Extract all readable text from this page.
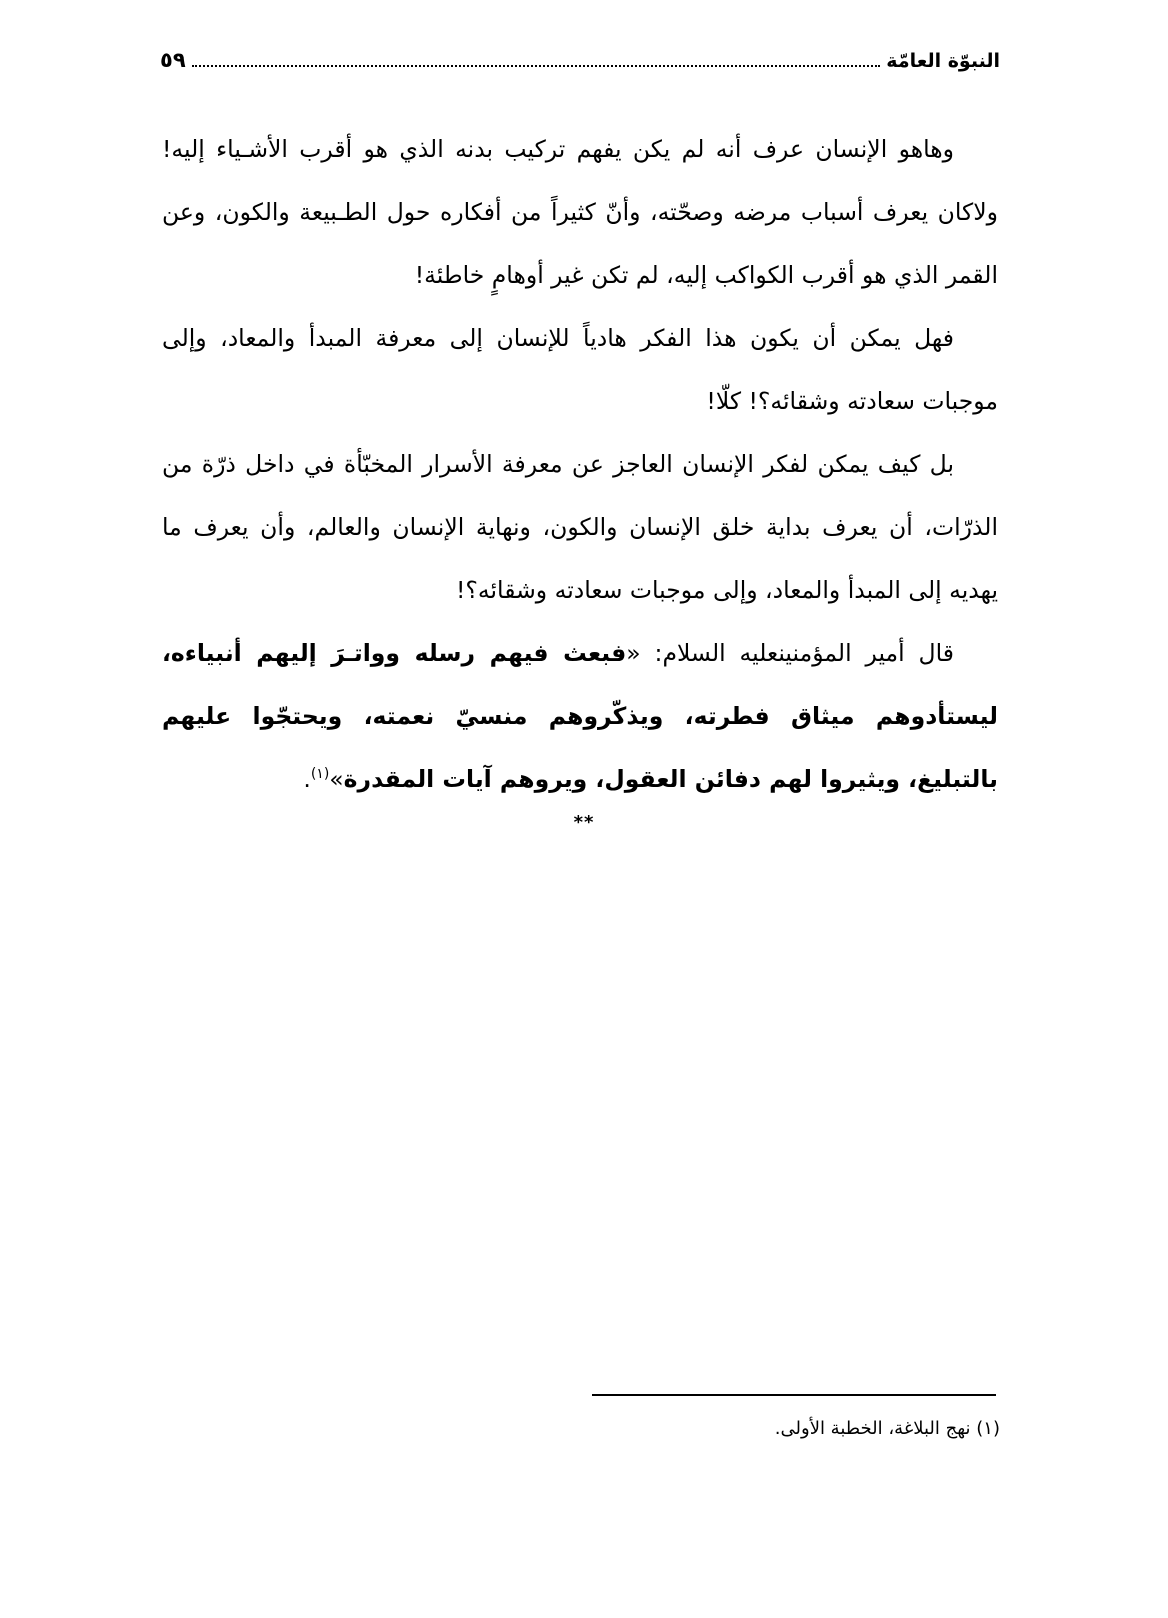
النبوّة العامّة
٥٩

وهاهو الإنسان عرف أنه لم يكن يفهم تركيب بدنه الذي هو أقرب الأشـياء إليه! ولاكان يعرف أسباب مرضه وصحّته، وأنّ كثيراً من أفكاره حول الطـبيعة والكون، وعن القمر الذي هو أقرب الكواكب إليه، لم تكن غير أوهامٍ خاطئة!

فهل يمكن أن يكون هذا الفكر هادياً للإنسان إلى معرفة المبدأ والمعاد، وإلى موجبات سعادته وشقائه؟! كلّا!

بل كيف يمكن لفكر الإنسان العاجز عن معرفة الأسرار المخبّأة في داخل ذرّة من الذرّات، أن يعرف بداية خلق الإنسان والكون، ونهاية الإنسان والعالم، وأن يعرف ما يهديه إلى المبدأ والمعاد، وإلى موجبات سعادته وشقائه؟!

قال أمير المؤمنينعليه السلام: «فبعث فيهم رسله وواتـرَ إليهم أنبياءه، ليستأدوهم ميثاق فطرته، ويذكّروهم منسيّ نعمته، ويحتجّوا عليهم بالتبليغ، ويثيروا لهم دفائن العقول، ويروهم آيات المقدرة»$^{(١)}$.

**
(١) نهج البلاغة، الخطبة الأولى.
